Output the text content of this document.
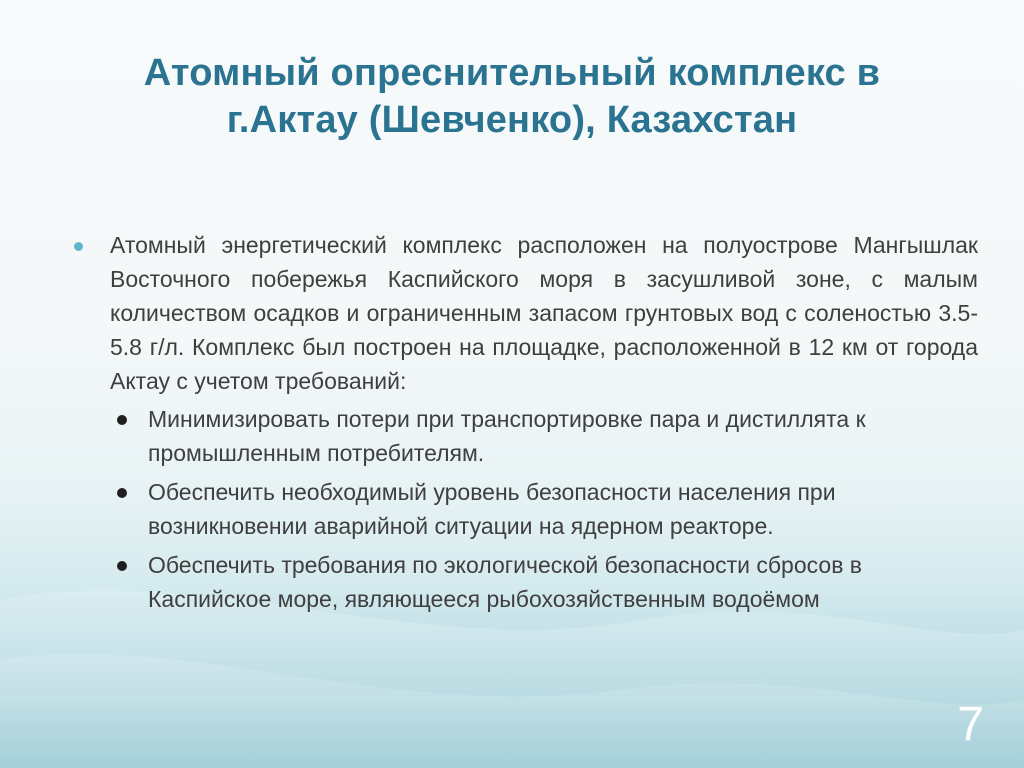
Атомный опреснительный комплекс в
г.Актау (Шевченко), Казахстан
Атомный энергетический комплекс расположен на полуострове Мангышлак Восточного побережья Каспийского моря в засушливой зоне, с малым количеством осадков и ограниченным запасом грунтовых вод с соленостью 3.5-5.8 г/л. Комплекс был построен на площадке, расположенной в 12 км от города Актау с учетом требований:
Минимизировать потери при транспортировке пара и дистиллята к промышленным потребителям.
Обеспечить необходимый уровень безопасности населения при возникновении аварийной ситуации на ядерном реакторе.
Обеспечить требования по экологической безопасности сбросов в Каспийское море, являющееся рыбохозяйственным водоёмом
7
